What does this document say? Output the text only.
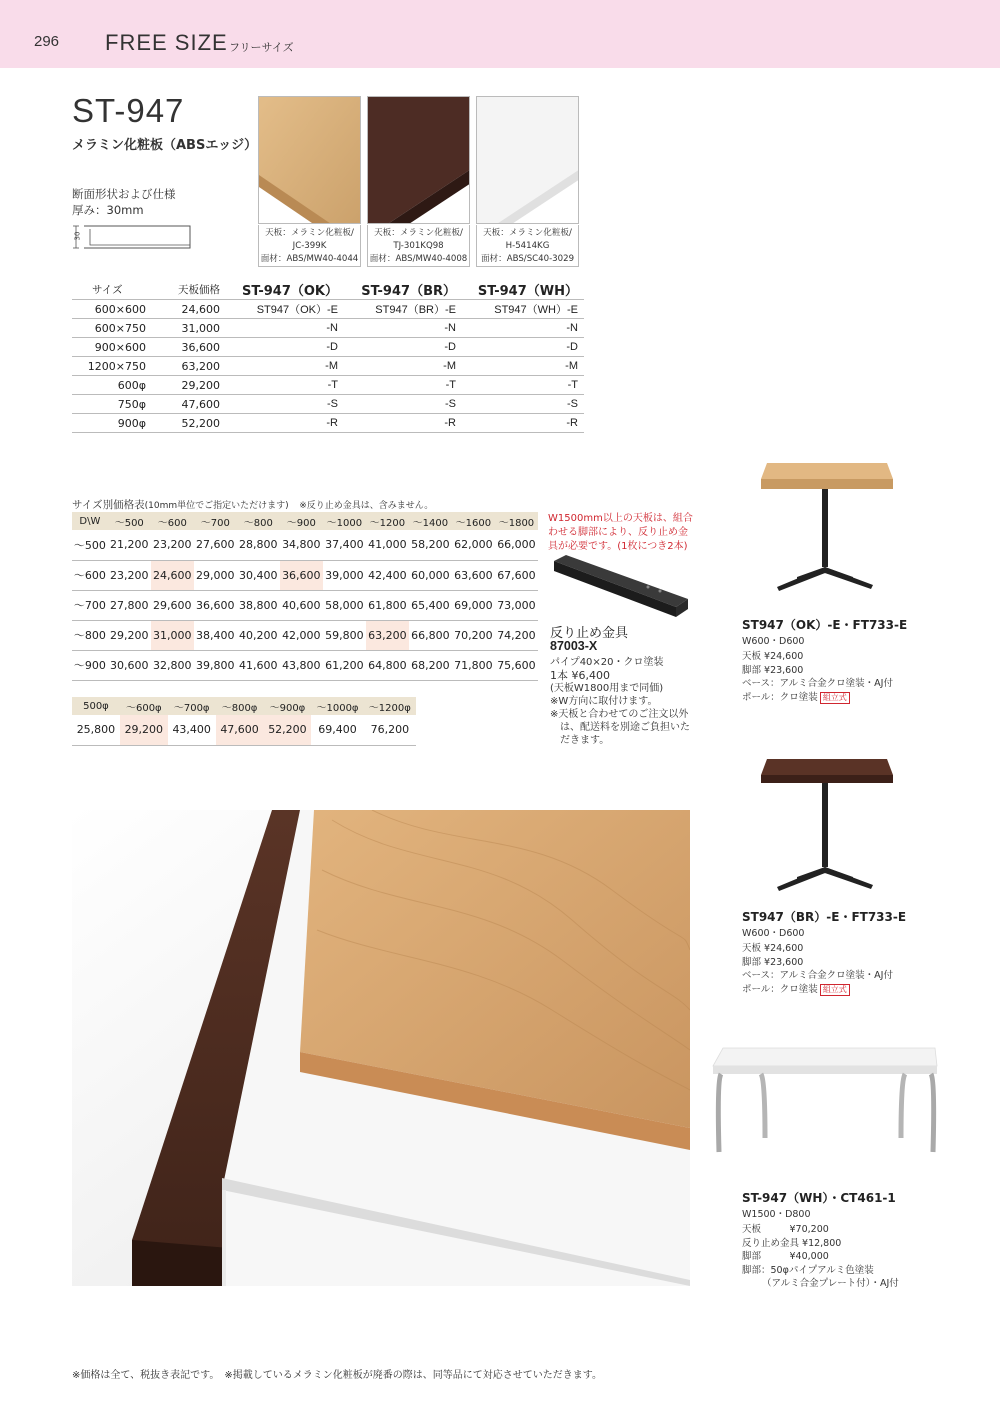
296 FREE SIZE フリーサイズ
ST-947
メラミン化粧板（ABSエッジ）
断面形状および仕様
厚み：30mm
30	天板：メラミン化粧板/
JC-399K
面材：ABS/MW40-4044
天板：メラミン化粧板/
TJ-301KQ98
面材：ABS/MW40-4008
天板：メラミン化粧板/
H-5414KG
面材：ABS/SC40-3029
サイズ	天板価格	ST-947（OK）	ST-947（BR）	ST-947（WH）
600×600	24,600	ST947（OK）-E	ST947（BR）-E	ST947（WH）-E
600×750	31,000	-N	-N	-N
900×600	36,600	-D	-D	-D
1200×750	63,200	-M	-M	-M
600φ	29,200	-T	-T	-T
750φ	47,600	-S	-S	-S
900φ	52,200	-R	-R	-R
サイズ別価格表(10mm単位でご指定いただけます)　 ※反り止め金具は、含みません。
D\W	～500	～600	～700	～800	～900	～1000	～1200	～1400	～1600	～1800
～500	21,200	23,200	27,600	28,800	34,800	37,400	41,000	58,200	62,000	66,000
～600	23,200	24,600	29,000	30,400	36,600	39,000	42,400	60,000	63,600	67,600
～700	27,800	29,600	36,600	38,800	40,600	58,000	61,800	65,400	69,000	73,000
～800	29,200	31,000	38,400	40,200	42,000	59,800	63,200	66,800	70,200	74,200
～900	30,600	32,800	39,800	41,600	43,800	61,200	64,800	68,200	71,800	75,600
500φ	～600φ	～700φ	～800φ	～900φ	～1000φ	～1200φ
25,800	29,200	43,400	47,600	52,200	69,400	76,200
W1500mm以上の天板は、組合わせる脚部により、反り止め金具が必要です。(1枚につき2本)
反り止め金具
87003-X
パイプ40×20・クロ塗装
1本 ¥6,400
(天板W1800用まで同価)
※W方向に取付けます。
※天板と合わせてのご注文以外
は、配送料を別途ご負担いた
だきます。
ST947（OK）-E・FT733-E
W600・D600
天板 ¥24,600
脚部 ¥23,600
ベース：アルミ合金クロ塗装・AJ付
ポール：クロ塗装 組立式
ST947（BR）-E・FT733-E
W600・D600
天板 ¥24,600
脚部 ¥23,600
ベース：アルミ合金クロ塗装・AJ付
ポール：クロ塗装 組立式
ST-947（WH）・CT461-1
W1500・D800
天板　　　¥70,200
反り止め金具 ¥12,800
脚部　　　¥40,000
脚部：50φパイプアルミ色塗装
（アルミ合金プレート付）・AJ付
※価格は全て、税抜き表記です。　※掲載しているメラミン化粧板が廃番の際は、同等品にて対応させていただきます。
